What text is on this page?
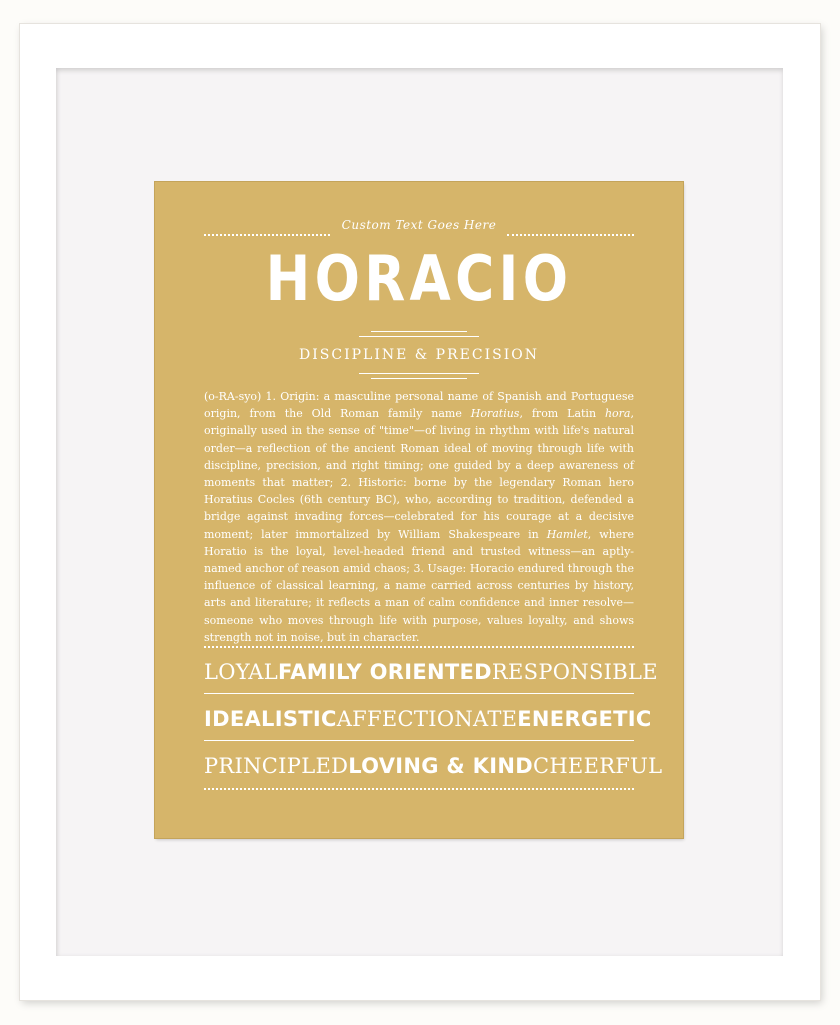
Custom Text Goes Here
HORACIO
DISCIPLINE & PRECISION
(o-RA-syo) 1. Origin: a masculine personal name of Spanish and Portuguese origin, from the Old Roman family name Horatius, from Latin hora, originally used in the sense of "time"—of living in rhythm with life's natural order—a reflection of the ancient Roman ideal of moving through life with discipline, precision, and right timing; one guided by a deep awareness of moments that matter; 2. Historic: borne by the legendary Roman hero Horatius Cocles (6th century BC), who, according to tradition, defended a bridge against invading forces—celebrated for his courage at a decisive moment; later immortalized by William Shakespeare in Hamlet, where Horatio is the loyal, level-headed friend and trusted witness—an aptly-named anchor of reason amid chaos; 3. Usage: Horacio endured through the influence of classical learning, a name carried across centuries by history, arts and literature; it reflects a man of calm confidence and inner resolve—someone who moves through life with purpose, values loyalty, and shows strength not in noise, but in character.
LOYAL FAMILY ORIENTED RESPONSIBLE
IDEALISTIC AFFECTIONATE ENERGETIC
PRINCIPLED LOVING & KIND CHEERFUL
